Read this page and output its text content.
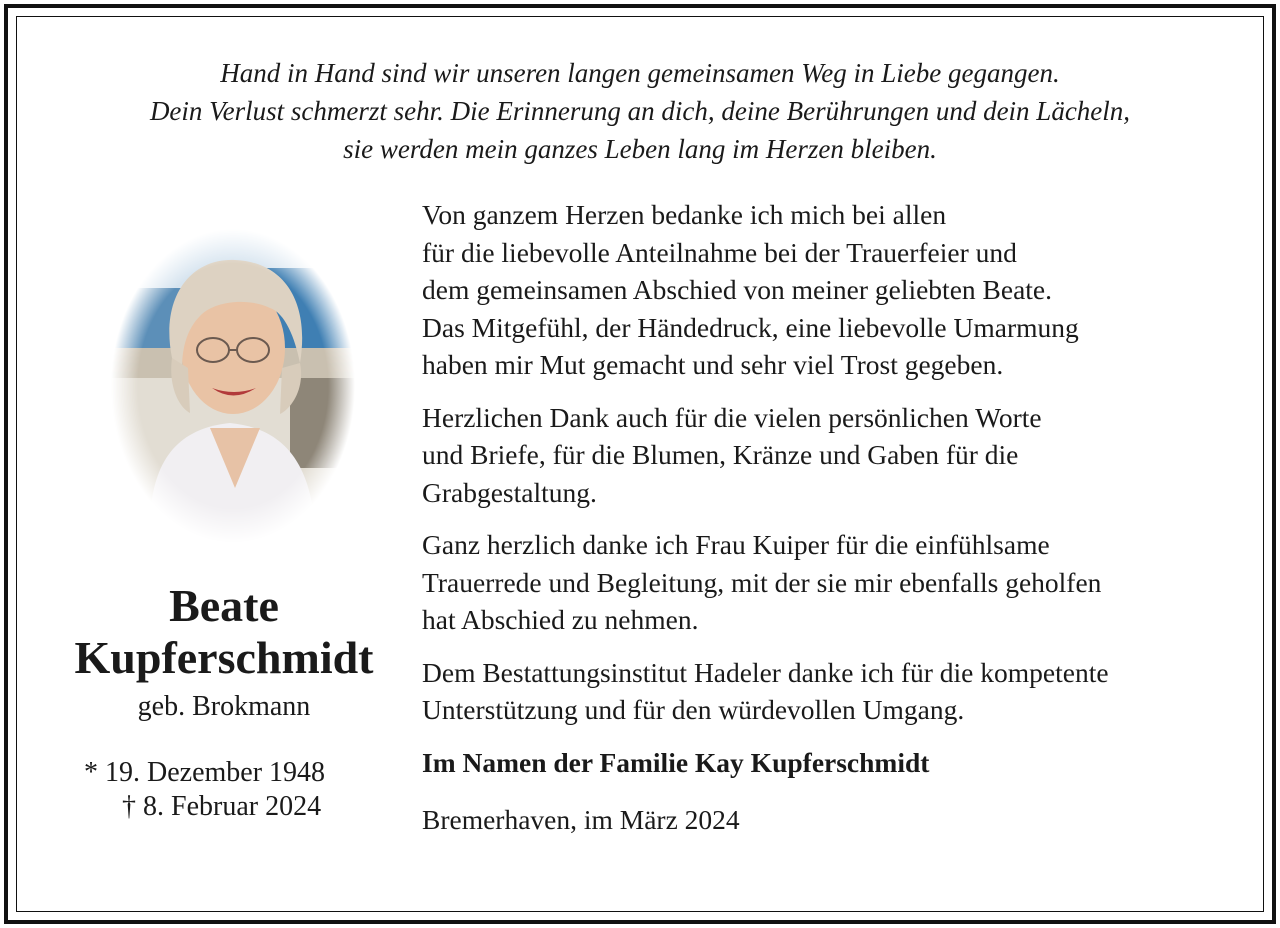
Hand in Hand sind wir unseren langen gemeinsamen Weg in Liebe gegangen.
Dein Verlust schmerzt sehr. Die Erinnerung an dich, deine Berührungen und dein Lächeln,
sie werden mein ganzes Leben lang im Herzen bleiben.
Beate
Kupferschmidt
geb. Brokmann
* 19. Dezember 1948
† 8. Februar 2024

Von ganzem Herzen bedanke ich mich bei allen
für die liebevolle Anteilnahme bei der Trauerfeier und
dem gemeinsamen Abschied von meiner geliebten Beate.
Das Mitgefühl, der Händedruck, eine liebevolle Umarmung
haben mir Mut gemacht und sehr viel Trost gegeben.

Herzlichen Dank auch für die vielen persönlichen Worte
und Briefe, für die Blumen, Kränze und Gaben für die
Grabgestaltung.

Ganz herzlich danke ich Frau Kuiper für die einfühlsame
Trauerrede und Begleitung, mit der sie mir ebenfalls geholfen
hat Abschied zu nehmen.

Dem Bestattungsinstitut Hadeler danke ich für die kompetente
Unterstützung und für den würdevollen Umgang.

Im Namen der Familie Kay Kupferschmidt

Bremerhaven, im März 2024
